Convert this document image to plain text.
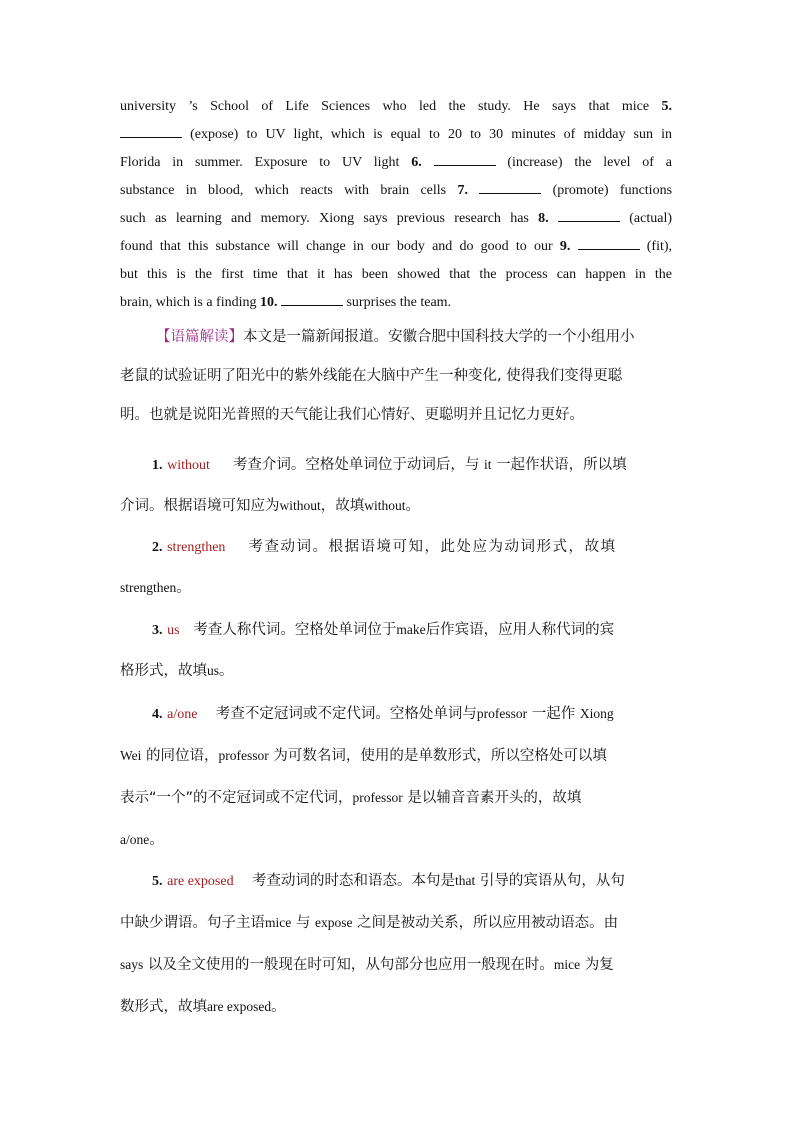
university ’s School of Life Sciences who led the study. He says that mice 5.
(expose) to UV light, which is equal to 20 to 30 minutes of midday sun in
Florida in summer. Exposure to UV light 6.	(increase) the level of a
substance in blood, which reacts with brain cells 7.	(promote) functions
such as learning and memory. Xiong says previous research has 8.	(actual)
found that this substance will change in our body and do good to our 9.	(fit),
but this is the first time that it has been showed that the process can happen in the
brain, which is a finding 10.	surprises the team.
【语篇解读】本文是一篇新闻报道。安徽合肥中国科技大学的一个小组用小
老鼠的试验证明了阳光中的紫外线能在大脑中产生一种变化, 使得我们变得更聪
明。也就是说阳光普照的天气能让我们心情好、更聪明并且记忆力更好。
1. without 考查介词。空格处单词位于动词后，与 it 一起作状语，所以填
介词。根据语境可知应为without，故填without。
2. strengthen 考查动词。根据语境可知，此处应为动词形式，故填
strengthen。
3. us 考查人称代词。空格处单词位于make后作宾语，应用人称代词的宾
格形式，故填us。
4. a/one 考查不定冠词或不定代词。空格处单词与professor 一起作 Xiong
Wei 的同位语，professor 为可数名词，使用的是单数形式，所以空格处可以填
表示“一个”的不定冠词或不定代词，professor 是以辅音音素开头的，故填
a/one。
5. are exposed 考查动词的时态和语态。本句是that 引导的宾语从句，从句
中缺少谓语。句子主语mice 与 expose 之间是被动关系，所以应用被动语态。由
says 以及全文使用的一般现在时可知，从句部分也应用一般现在时。mice 为复
数形式，故填are exposed。
